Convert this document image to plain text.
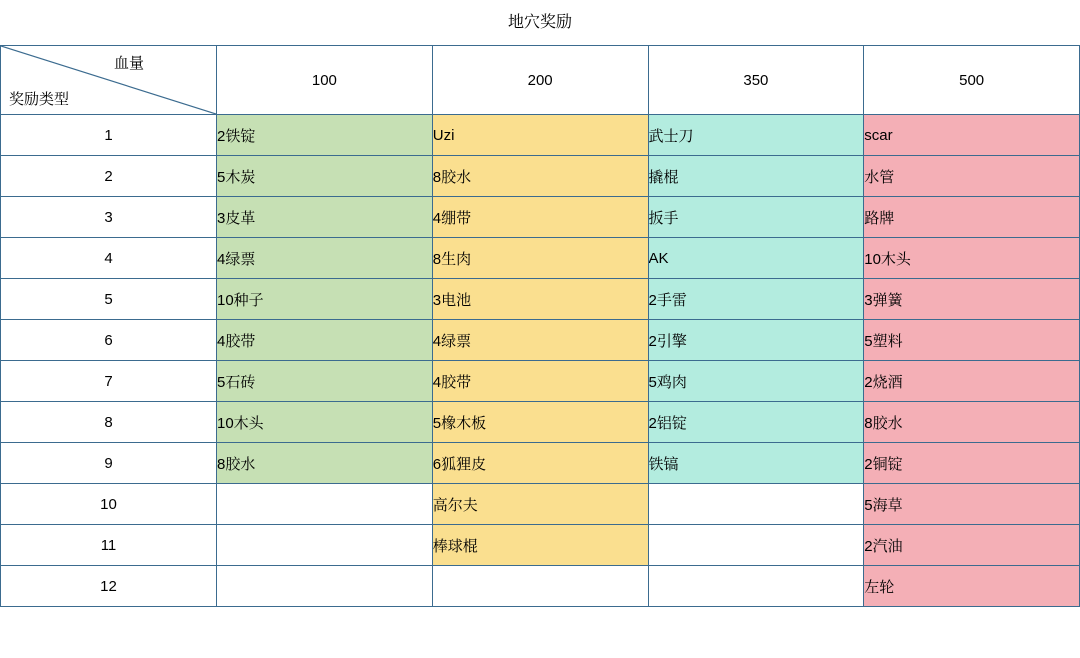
地穴奖励
血量
奖励类型	100	200	350	500
1	2铁锭	Uzi	武士刀	scar
2	5木炭	8胶水	撬棍	水管
3	3皮革	4绷带	扳手	路牌
4	4绿票	8生肉	AK	10木头
5	10种子	3电池	2手雷	3弹簧
6	4胶带	4绿票	2引擎	5塑料
7	5石砖	4胶带	5鸡肉	2烧酒
8	10木头	5橡木板	2铝锭	8胶水
9	8胶水	6狐狸皮	铁镐	2铜锭
10		高尔夫		5海草
11		棒球棍		2汽油
12				左轮
